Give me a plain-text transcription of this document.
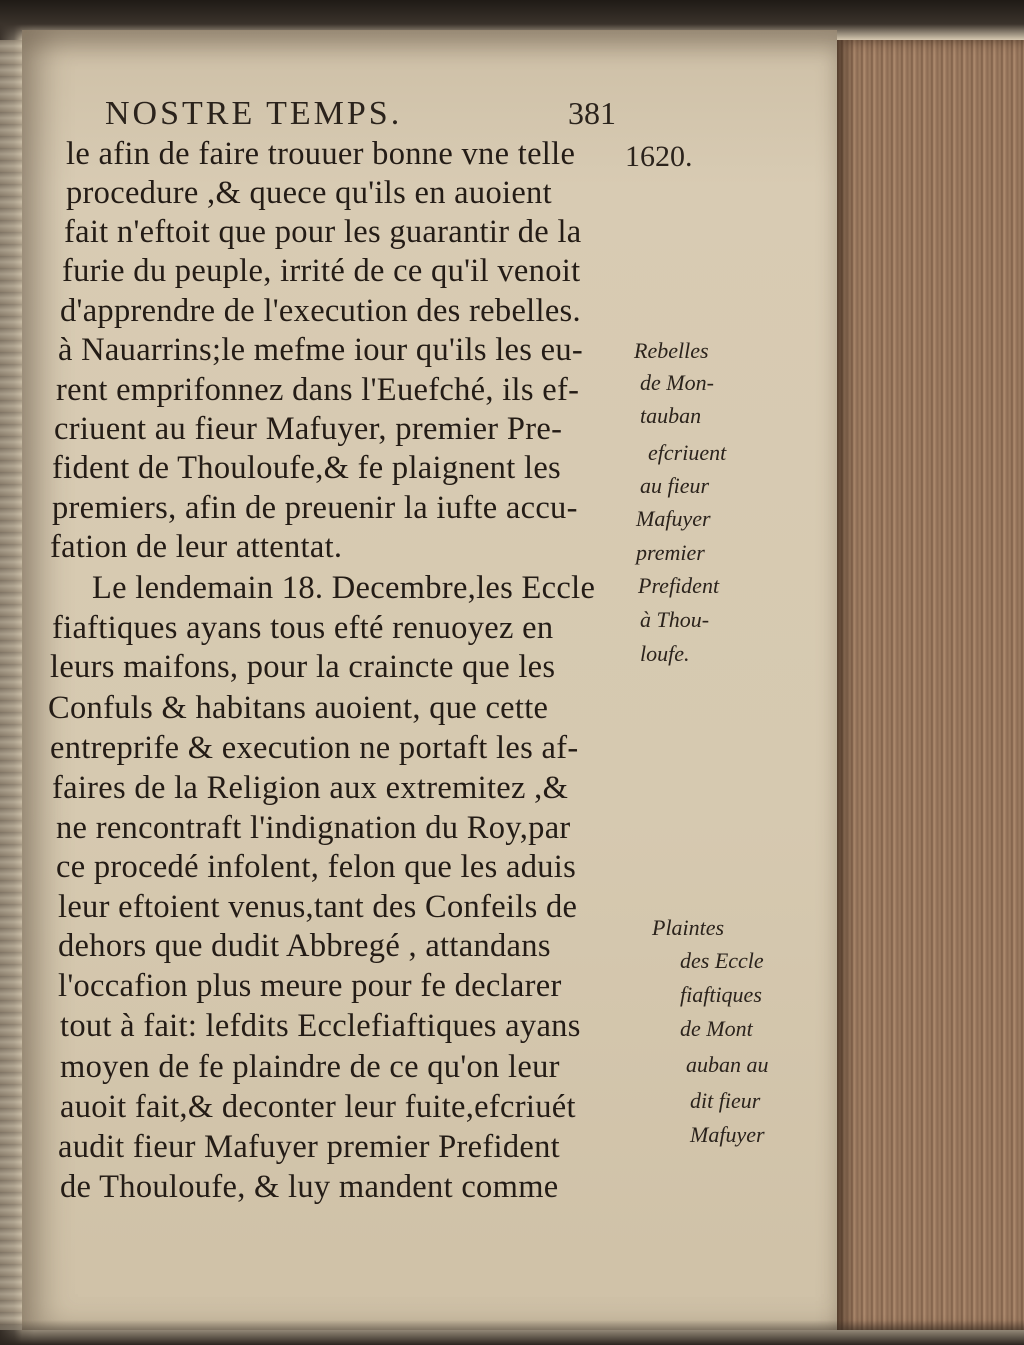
NOSTRE TEMPS.	381
1620.
le afin de faire trouuer bonne vne telle
procedure ,& quece qu'ils en auoient
fait n'eftoit que pour les guarantir de la
furie du peuple, irrité de ce qu'il venoit
d'apprendre de l'execution des rebelles.
à Nauarrins;le mefme iour qu'ils les eu-
rent emprifonnez dans l'Euefché, ils ef-
criuent au fieur Mafuyer, premier Pre-
fident de Thouloufe,& fe plaignent les
premiers, afin de preuenir la iufte accu-
fation de leur attentat.
Le lendemain 18. Decembre,les Eccle
fiaftiques ayans tous efté renuoyez en
leurs maifons, pour la craincte que les
Confuls & habitans auoient, que cette
entreprife & execution ne portaft les af-
faires de la Religion aux extremitez ,&
ne rencontraft l'indignation du Roy,par
ce procedé infolent, felon que les aduis
leur eftoient venus,tant des Confeils de
dehors que dudit Abbregé , attandans
l'occafion plus meure pour fe declarer
tout à fait: lefdits Ecclefiaftiques ayans
moyen de fe plaindre de ce qu'on leur
auoit fait,& deconter leur fuite,efcriuét
audit fieur Mafuyer premier Prefident
de Thouloufe, & luy mandent comme
Rebelles
de Mon-
tauban
efcriuent
au fieur
Mafuyer
premier
Prefident
à Thou-
loufe.
Plaintes
des Eccle
fiaftiques
de Mont
auban au
dit fieur
Mafuyer
